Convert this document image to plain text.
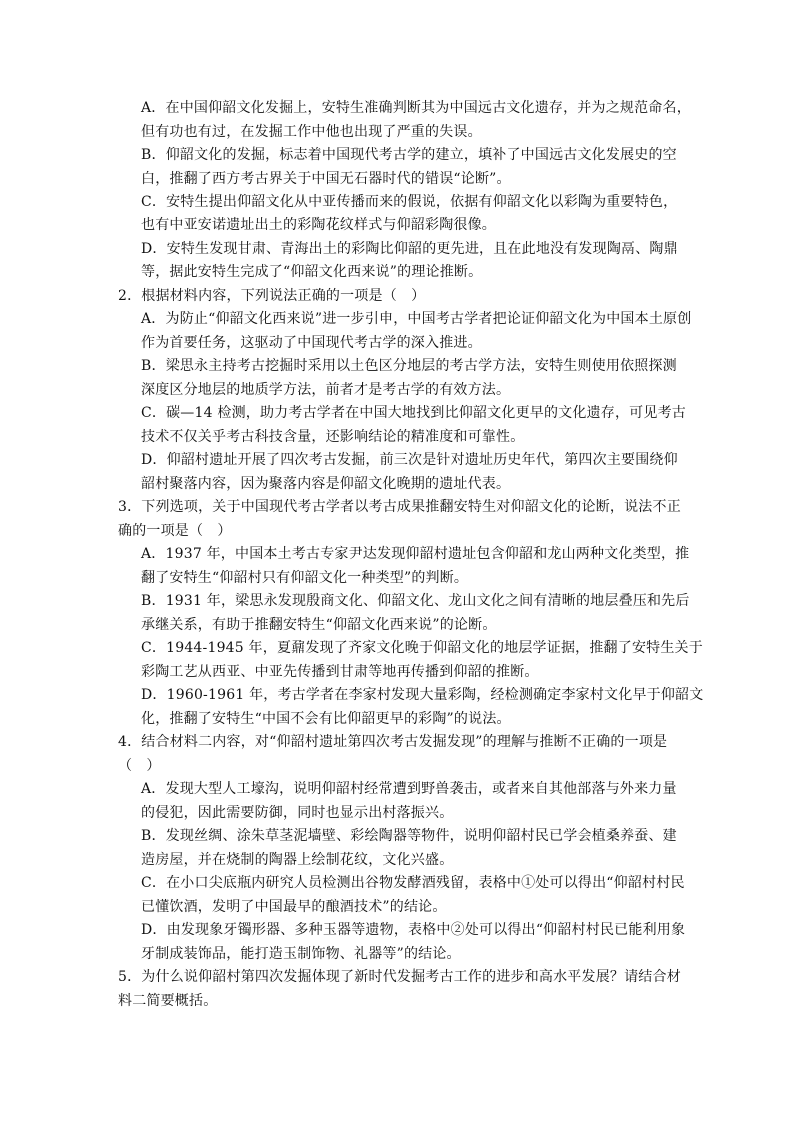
A．在中国仰韶文化发掘上，安特生准确判断其为中国远古文化遗存，并为之规范命名，
但有功也有过，在发掘工作中他也出现了严重的失误。
B．仰韶文化的发掘，标志着中国现代考古学的建立，填补了中国远古文化发展史的空
白，推翻了西方考古界关于中国无石器时代的错误“论断”。
C．安特生提出仰韶文化从中亚传播而来的假说，依据有仰韶文化以彩陶为重要特色，
也有中亚安诺遗址出土的彩陶花纹样式与仰韶彩陶很像。
D．安特生发现甘肃、青海出土的彩陶比仰韶的更先进，且在此地没有发现陶鬲、陶鼎
等，据此安特生完成了“仰韶文化西来说”的理论推断。
2．根据材料内容，下列说法正确的一项是（　）
A．为防止“仰韶文化西来说”进一步引申，中国考古学者把论证仰韶文化为中国本土原创
作为首要任务，这驱动了中国现代考古学的深入推进。
B．梁思永主持考古挖掘时采用以土色区分地层的考古学方法，安特生则使用依照探测
深度区分地层的地质学方法，前者才是考古学的有效方法。
C．碳—14 检测，助力考古学者在中国大地找到比仰韶文化更早的文化遗存，可见考古
技术不仅关乎考古科技含量，还影响结论的精准度和可靠性。
D．仰韶村遗址开展了四次考古发掘，前三次是针对遗址历史年代，第四次主要围绕仰
韶村聚落内容，因为聚落内容是仰韶文化晚期的遗址代表。
3．下列选项，关于中国现代考古学者以考古成果推翻安特生对仰韶文化的论断，说法不正
确的一项是（　）
A．1937 年，中国本土考古专家尹达发现仰韶村遗址包含仰韶和龙山两种文化类型，推
翻了安特生“仰韶村只有仰韶文化一种类型”的判断。
B．1931 年，梁思永发现殷商文化、仰韶文化、龙山文化之间有清晰的地层叠压和先后
承继关系，有助于推翻安特生“仰韶文化西来说”的论断。
C．1944-1945 年，夏鼐发现了齐家文化晚于仰韶文化的地层学证据，推翻了安特生关于
彩陶工艺从西亚、中亚先传播到甘肃等地再传播到仰韶的推断。
D．1960-1961 年，考古学者在李家村发现大量彩陶，经检测确定李家村文化早于仰韶文
化，推翻了安特生“中国不会有比仰韶更早的彩陶”的说法。
4．结合材料二内容，对“仰韶村遗址第四次考古发掘发现”的理解与推断不正确的一项是
（　）
A．发现大型人工壕沟，说明仰韶村经常遭到野兽袭击，或者来自其他部落与外来力量
的侵犯，因此需要防御，同时也显示出村落振兴。
B．发现丝绸、涂朱草茎泥墙壁、彩绘陶器等物件，说明仰韶村民已学会植桑养蚕、建
造房屋，并在烧制的陶器上绘制花纹，文化兴盛。
C．在小口尖底瓶内研究人员检测出谷物发酵酒残留，表格中①处可以得出“仰韶村村民
已懂饮酒，发明了中国最早的酿酒技术”的结论。
D．由发现象牙镯形器、多种玉器等遗物，表格中②处可以得出“仰韶村村民已能利用象
牙制成装饰品，能打造玉制饰物、礼器等”的结论。
5．为什么说仰韶村第四次发掘体现了新时代发掘考古工作的进步和高水平发展？请结合材
料二简要概括。
